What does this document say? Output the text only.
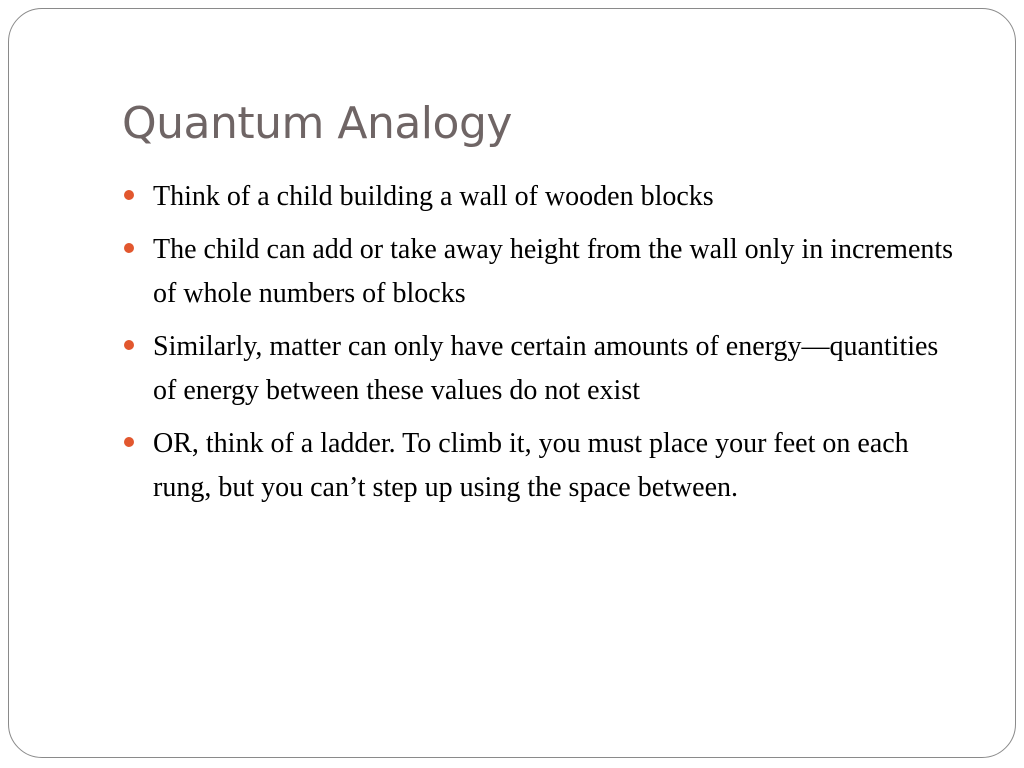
Quantum Analogy
Think of a child building a wall of wooden blocks
The child can add or take away height from the wall only in increments of whole numbers of blocks
Similarly, matter can only have certain amounts of energy—quantities of energy between these values do not exist
OR, think of a ladder. To climb it, you must place your feet on each rung, but you can’t step up using the space between.
